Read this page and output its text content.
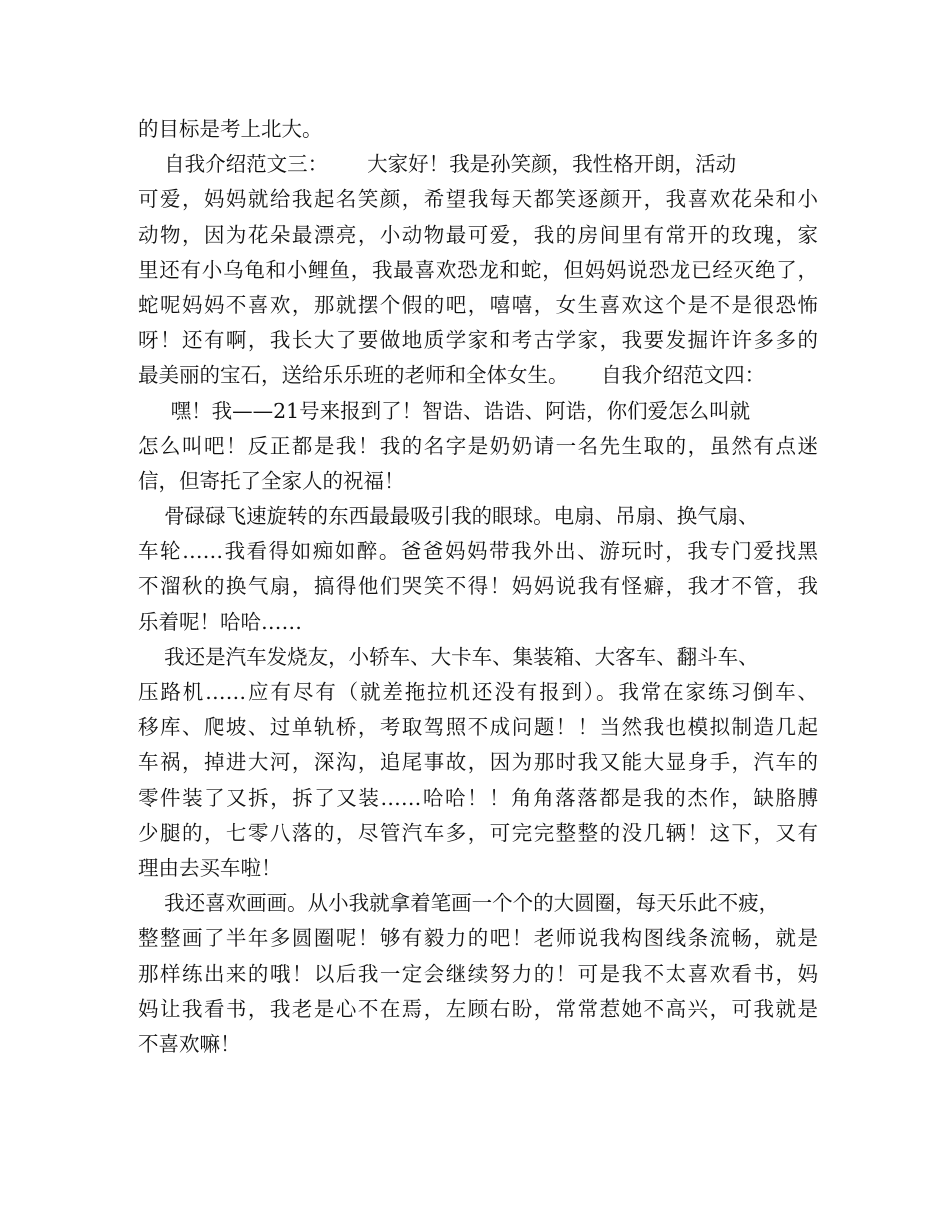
的目标是考上北大。
自我介绍范文三：      大家好！我是孙笑颜，我性格开朗，活动
可爱，妈妈就给我起名笑颜，希望我每天都笑逐颜开，我喜欢花朵和小
动物，因为花朵最漂亮，小动物最可爱，我的房间里有常开的玫瑰，家
里还有小乌龟和小鲤鱼，我最喜欢恐龙和蛇，但妈妈说恐龙已经灭绝了，
蛇呢妈妈不喜欢，那就摆个假的吧，嘻嘻，女生喜欢这个是不是很恐怖
呀！还有啊，我长大了要做地质学家和考古学家，我要发掘许许多多的
最美丽的宝石，送给乐乐班的老师和全体女生。     自我介绍范文四：
嘿！我——21号来报到了！智诰、诰诰、阿诰，你们爱怎么叫就
怎么叫吧！反正都是我！我的名字是奶奶请一名先生取的，虽然有点迷
信，但寄托了全家人的祝福！
骨碌碌飞速旋转的东西最最吸引我的眼球。电扇、吊扇、换气扇、
车轮……我看得如痴如醉。爸爸妈妈带我外出、游玩时，我专门爱找黑
不溜秋的换气扇，搞得他们哭笑不得！妈妈说我有怪癖，我才不管，我
乐着呢！哈哈……
我还是汽车发烧友，小轿车、大卡车、集装箱、大客车、翻斗车、
压路机……应有尽有（就差拖拉机还没有报到）。我常在家练习倒车、
移库、爬坡、过单轨桥，考取驾照不成问题！！当然我也模拟制造几起
车祸，掉进大河，深沟，追尾事故，因为那时我又能大显身手，汽车的
零件装了又拆，拆了又装……哈哈！！角角落落都是我的杰作，缺胳膊
少腿的，七零八落的，尽管汽车多，可完完整整的没几辆！这下，又有
理由去买车啦！
我还喜欢画画。从小我就拿着笔画一个个的大圆圈，每天乐此不疲，
整整画了半年多圆圈呢！够有毅力的吧！老师说我构图线条流畅，就是
那样练出来的哦！以后我一定会继续努力的！可是我不太喜欢看书，妈
妈让我看书，我老是心不在焉，左顾右盼，常常惹她不高兴，可我就是
不喜欢嘛！
